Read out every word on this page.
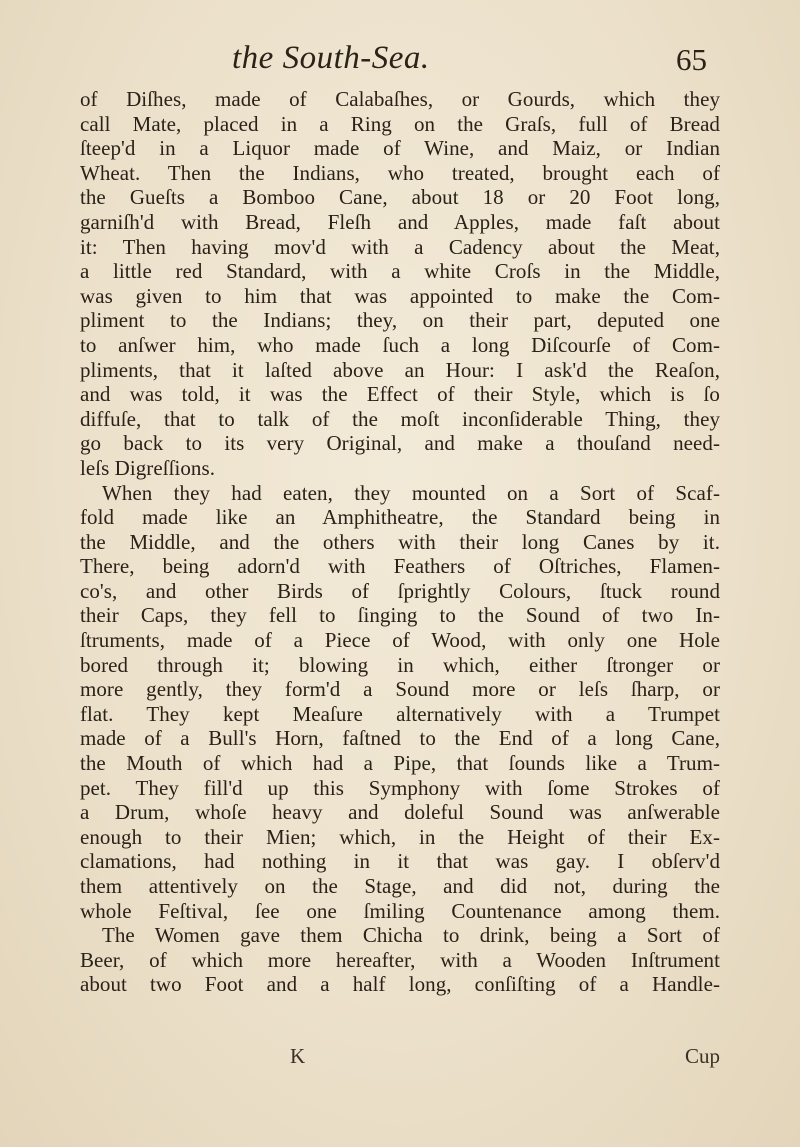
the South-Sea.	65
of Diſhes, made of Calabaſhes, or Gourds, which they
call Mate, placed in a Ring on the Graſs, full of Bread
ſteep'd in a Liquor made of Wine, and Maiz, or Indian
Wheat. Then the Indians, who treated, brought each of
the Gueſts a Bomboo Cane, about 18 or 20 Foot long,
garniſh'd with Bread, Fleſh and Apples, made faſt about
it: Then having mov'd with a Cadency about the Meat,
a little red Standard, with a white Croſs in the Middle,
was given to him that was appointed to make the Com-
pliment to the Indians; they, on their part, deputed one
to anſwer him, who made ſuch a long Diſcourſe of Com-
pliments, that it laſted above an Hour: I ask'd the Reaſon,
and was told, it was the Effect of their Style, which is ſo
diffuſe, that to talk of the moſt inconſiderable Thing, they
go back to its very Original, and make a thouſand need-
leſs Digreſſions.
When they had eaten, they mounted on a Sort of Scaf-
fold made like an Amphitheatre, the Standard being in
the Middle, and the others with their long Canes by it.
There, being adorn'd with Feathers of Oſtriches, Flamen-
co's, and other Birds of ſprightly Colours, ſtuck round
their Caps, they fell to ſinging to the Sound of two In-
ſtruments, made of a Piece of Wood, with only one Hole
bored through it; blowing in which, either ſtronger or
more gently, they form'd a Sound more or leſs ſharp, or
flat. They kept Meaſure alternatively with a Trumpet
made of a Bull's Horn, faſtned to the End of a long Cane,
the Mouth of which had a Pipe, that ſounds like a Trum-
pet. They fill'd up this Symphony with ſome Strokes of
a Drum, whoſe heavy and doleful Sound was anſwerable
enough to their Mien; which, in the Height of their Ex-
clamations, had nothing in it that was gay. I obſerv'd
them attentively on the Stage, and did not, during the
whole Feſtival, ſee one ſmiling Countenance among them.
The Women gave them Chicha to drink, being a Sort of
Beer, of which more hereafter, with a Wooden Inſtrument
about two Foot and a half long, conſiſting of a Handle-
K	Cup
